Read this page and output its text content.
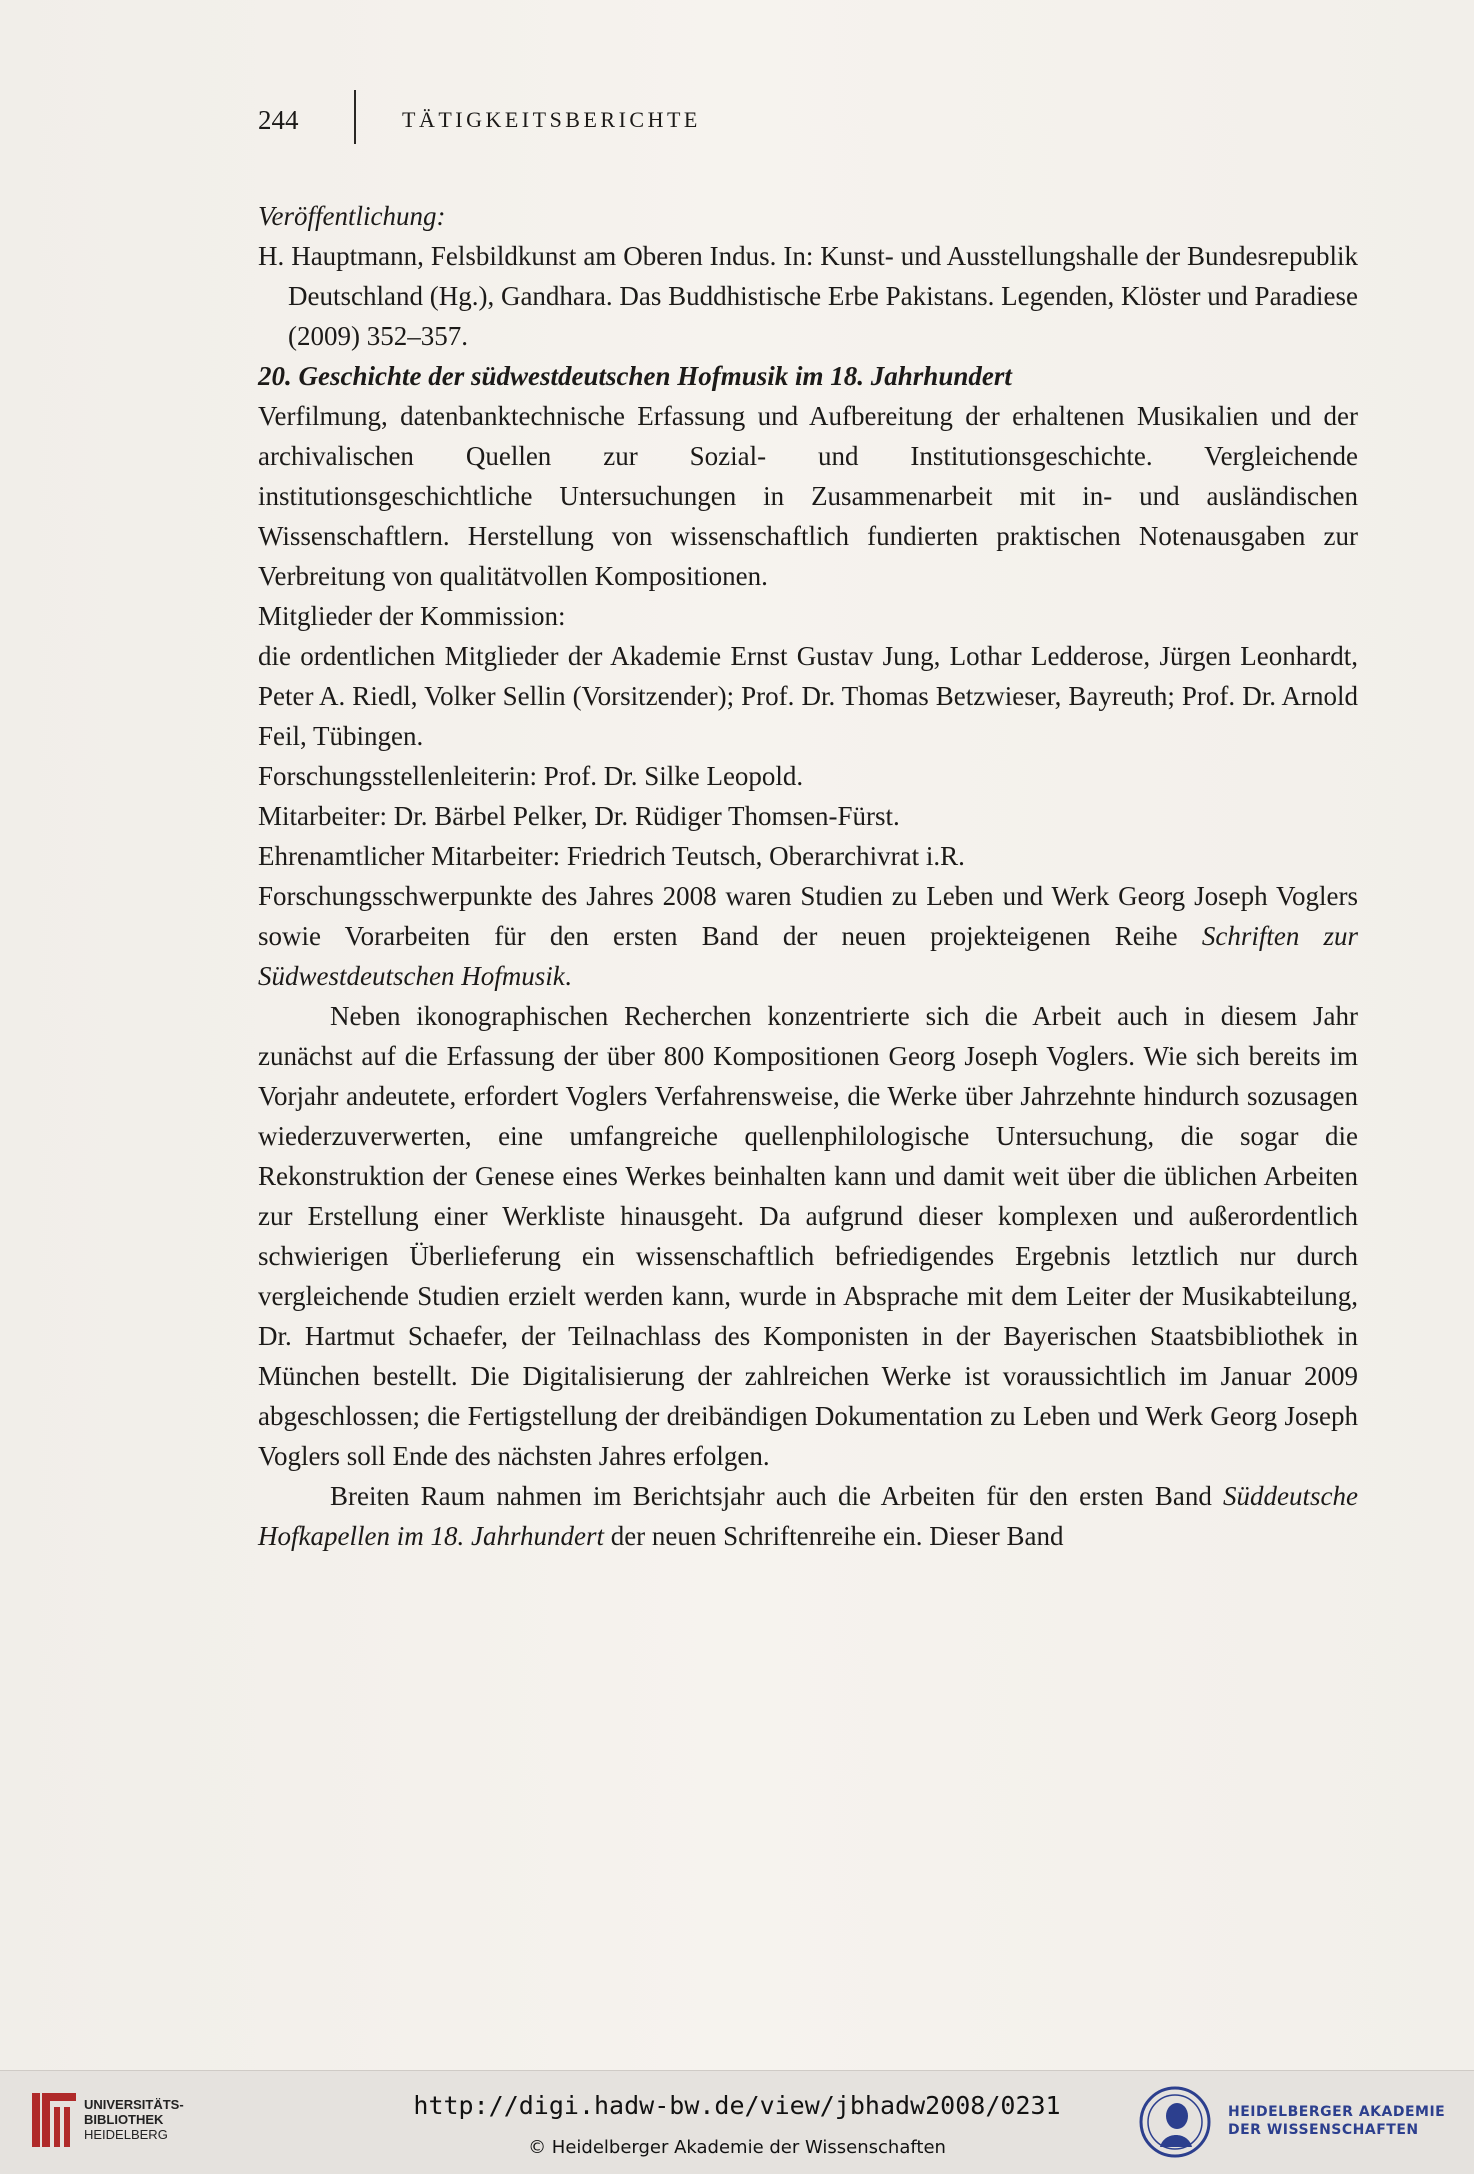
244	TÄTIGKEITSBERICHTE

Veröffentlichung:

H. Hauptmann, Felsbildkunst am Oberen Indus. In: Kunst- und Ausstellungshalle der Bundesrepublik Deutschland (Hg.), Gandhara. Das Buddhistische Erbe Pakistans. Legenden, Klöster und Paradiese (2009) 352–357.

20. Geschichte der südwestdeutschen Hofmusik im 18. Jahrhundert

Verfilmung, datenbanktechnische Erfassung und Aufbereitung der erhaltenen Musikalien und der archivalischen Quellen zur Sozial- und Institutionsgeschichte. Vergleichende institutionsgeschichtliche Untersuchungen in Zusammenarbeit mit in- und ausländischen Wissenschaftlern. Herstellung von wissenschaftlich fundierten praktischen Notenausgaben zur Verbreitung von qualitätvollen Kompositionen.

Mitglieder der Kommission:

die ordentlichen Mitglieder der Akademie Ernst Gustav Jung, Lothar Ledderose, Jürgen Leonhardt, Peter A. Riedl, Volker Sellin (Vorsitzender); Prof. Dr. Thomas Betzwieser, Bayreuth; Prof. Dr. Arnold Feil, Tübingen.

Forschungsstellenleiterin: Prof. Dr. Silke Leopold.

Mitarbeiter: Dr. Bärbel Pelker, Dr. Rüdiger Thomsen-Fürst.

Ehrenamtlicher Mitarbeiter: Friedrich Teutsch, Oberarchivrat i.R.

Forschungsschwerpunkte des Jahres 2008 waren Studien zu Leben und Werk Georg Joseph Voglers sowie Vorarbeiten für den ersten Band der neuen projekteigenen Reihe Schriften zur Südwestdeutschen Hofmusik.

Neben ikonographischen Recherchen konzentrierte sich die Arbeit auch in diesem Jahr zunächst auf die Erfassung der über 800 Kompositionen Georg Joseph Voglers. Wie sich bereits im Vorjahr andeutete, erfordert Voglers Verfahrensweise, die Werke über Jahrzehnte hindurch sozusagen wiederzuverwerten, eine umfangreiche quellenphilologische Untersuchung, die sogar die Rekonstruktion der Genese eines Werkes beinhalten kann und damit weit über die üblichen Arbeiten zur Erstellung einer Werkliste hinausgeht. Da aufgrund dieser komplexen und außerordentlich schwierigen Überlieferung ein wissenschaftlich befriedigendes Ergebnis letztlich nur durch vergleichende Studien erzielt werden kann, wurde in Absprache mit dem Leiter der Musikabteilung, Dr. Hartmut Schaefer, der Teilnachlass des Komponisten in der Bayerischen Staatsbibliothek in München bestellt. Die Digitalisierung der zahlreichen Werke ist voraussichtlich im Januar 2009 abgeschlossen; die Fertigstellung der dreibändigen Dokumentation zu Leben und Werk Georg Joseph Voglers soll Ende des nächsten Jahres erfolgen.

Breiten Raum nahmen im Berichtsjahr auch die Arbeiten für den ersten Band Süddeutsche Hofkapellen im 18. Jahrhundert der neuen Schriftenreihe ein. Dieser Band

UNIVERSITÄTS-
BIBLIOTHEK
HEIDELBERG
http://digi.hadw-bw.de/view/jbhadw2008/0231
© Heidelberger Akademie der Wissenschaften
HEIDELBERGER AKADEMIE
DER WISSENSCHAFTEN
